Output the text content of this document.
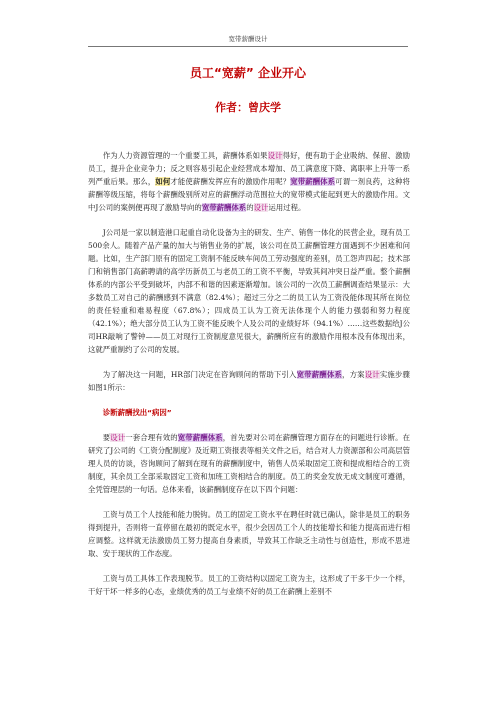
宽带薪酬设计
员工“宽薪” 企业开心
作者：曾庆学

作为人力资源管理的一个重要工具，薪酬体系如果设计得好，便有助于企业吸纳、保留、激励员工，提升企业竞争力；反之则容易引起企业经营成本增加、员工满意度下降、离职率上升等一系列严重后果。那么，如何才能使薪酬发挥应有的激励作用呢？宽带薪酬体系可谓一剂良药，这种将薪酬等级压缩，将每个薪酬级别所对应的薪酬浮动范围拉大的宽带模式能起到更大的激励作用。文中J公司的案例便再现了激励导向的宽带薪酬体系的设计运用过程。

J公司是一家以制造港口起重自动化设备为主的研发、生产、销售一体化的民营企业，现有员工500余人。随着产品产量的加大与销售业务的扩展，该公司在员工薪酬管理方面遇到不少困难和问题。比如，生产部门原有的固定工资制不能反映车间员工劳动强度的差别，员工怨声四起；技术部门和销售部门高薪聘请的高学历新员工与老员工的工资不平衡，导致其间冲突日益严重。整个薪酬体系的内部公平受到破坏，内部不和谐的因素逐渐增加。该公司的一次员工薪酬调查结果显示：大多数员工对自己的薪酬感到不满意（82.4%）；超过三分之二的员工认为工资没能体现其所在岗位的责任轻重和难易程度（67.8%）；四成员工认为工资无法体现个人的能力强弱和努力程度（42.1%）；绝大部分员工认为工资不能反映个人及公司的业绩好坏（94.1%）……这些数据给J公司HR敲响了警钟——员工对现行工资制度意见很大，薪酬所应有的激励作用根本没有体现出来，这就严重制约了公司的发展。

为了解决这一问题，HR部门决定在咨询顾问的帮助下引入宽带薪酬体系，方案设计实施步骤如图1所示：

诊断薪酬找出“病因”

要设计一套合理有效的宽带薪酬体系，首先要对公司在薪酬管理方面存在的问题进行诊断。在研究了J公司的《工资分配制度》及近期工资报表等相关文件之后，结合对人力资源部和公司高层管理人员的访谈，咨询顾问了解到在现有的薪酬制度中，销售人员采取固定工资和提成相结合的工资制度，其余员工全部采取固定工资和加班工资相结合的制度。员工的奖金发放无成文制度可遵循，全凭管理层的一句话。总体来看，该薪酬制度存在以下四个问题：

工资与员工个人技能和能力脱钩。员工的固定工资水平在聘任时就已确认，除非是员工的职务得到提升，否则将一直停留在最初的既定水平，很少会因员工个人的技能增长和能力提高而进行相应调整。这样就无法激励员工努力提高自身素质，导致其工作缺乏主动性与创造性，形成不思进取、安于现状的工作态度。

工资与员工具体工作表现脱节。员工的工资结构以固定工资为主，这形成了干多干少一个样，干好干坏一样多的心态，业绩优秀的员工与业绩不好的员工在薪酬上差别不
